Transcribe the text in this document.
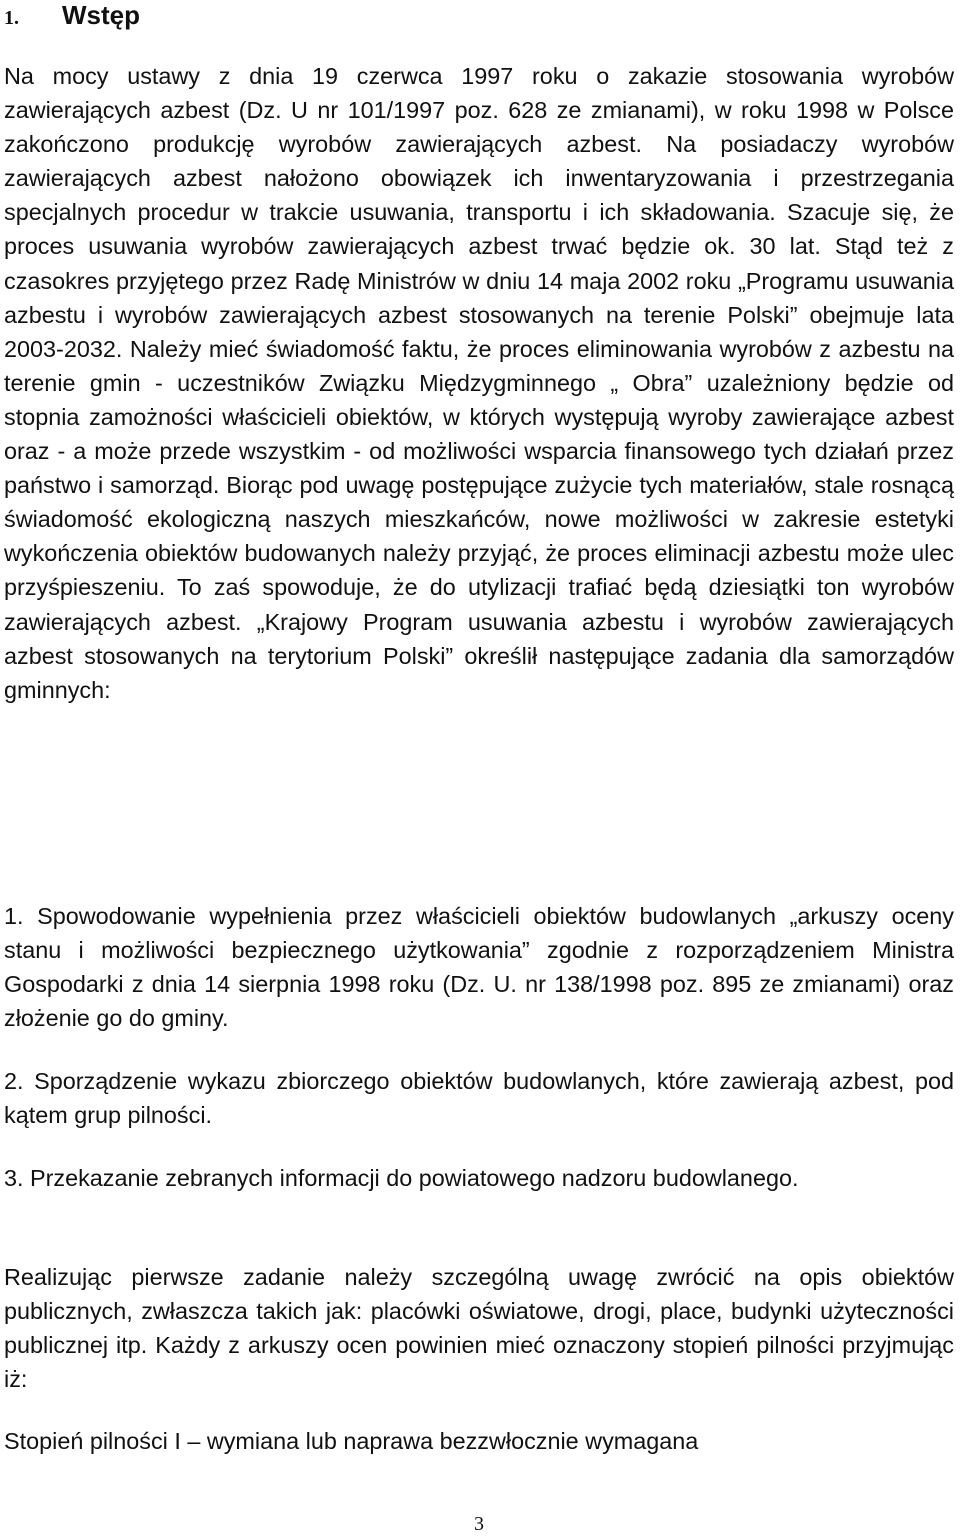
1. Wstęp

Na mocy ustawy z dnia 19 czerwca 1997 roku o zakazie stosowania wyrobów zawierających azbest (Dz. U nr 101/1997 poz. 628 ze zmianami), w roku 1998 w Polsce zakończono produkcję wyrobów zawierających azbest. Na posiadaczy wyrobów zawierających azbest nałożono obowiązek ich inwentaryzowania i przestrzegania specjalnych procedur w trakcie usuwania, transportu i ich składowania. Szacuje się, że proces usuwania wyrobów zawierających azbest trwać będzie ok. 30 lat. Stąd też z czasokres przyjętego przez Radę Ministrów w dniu 14 maja 2002 roku „Programu usuwania azbestu i wyrobów zawierających azbest stosowanych na terenie Polski” obejmuje lata 2003-2032. Należy mieć świadomość faktu, że proces eliminowania wyrobów z azbestu na terenie gmin - uczestników Związku Międzygminnego „ Obra” uzależniony będzie od stopnia zamożności właścicieli obiektów, w których występują wyroby zawierające azbest oraz - a może przede wszystkim - od możliwości wsparcia finansowego tych działań przez państwo i samorząd. Biorąc pod uwagę postępujące zużycie tych materiałów, stale rosnącą świadomość ekologiczną naszych mieszkańców, nowe możliwości w zakresie estetyki wykończenia obiektów budowanych należy przyjąć, że proces eliminacji azbestu może ulec przyśpieszeniu. To zaś spowoduje, że do utylizacji trafiać będą dziesiątki ton wyrobów zawierających azbest. „Krajowy Program usuwania azbestu i wyrobów zawierających azbest stosowanych na terytorium Polski” określił następujące zadania dla samorządów gminnych:

1. Spowodowanie wypełnienia przez właścicieli obiektów budowlanych „arkuszy oceny stanu i możliwości bezpiecznego użytkowania” zgodnie z rozporządzeniem Ministra Gospodarki z dnia 14 sierpnia 1998 roku (Dz. U. nr 138/1998 poz. 895 ze zmianami) oraz złożenie go do gminy.

2. Sporządzenie wykazu zbiorczego obiektów budowlanych, które zawierają azbest, pod kątem grup pilności.

3. Przekazanie zebranych informacji do powiatowego nadzoru budowlanego.

Realizując pierwsze zadanie należy szczególną uwagę zwrócić na opis obiektów publicznych, zwłaszcza takich jak: placówki oświatowe, drogi, place, budynki użyteczności publicznej itp. Każdy z arkuszy ocen powinien mieć oznaczony stopień pilności przyjmując iż:

Stopień pilności I – wymiana lub naprawa bezzwłocznie wymagana

3
